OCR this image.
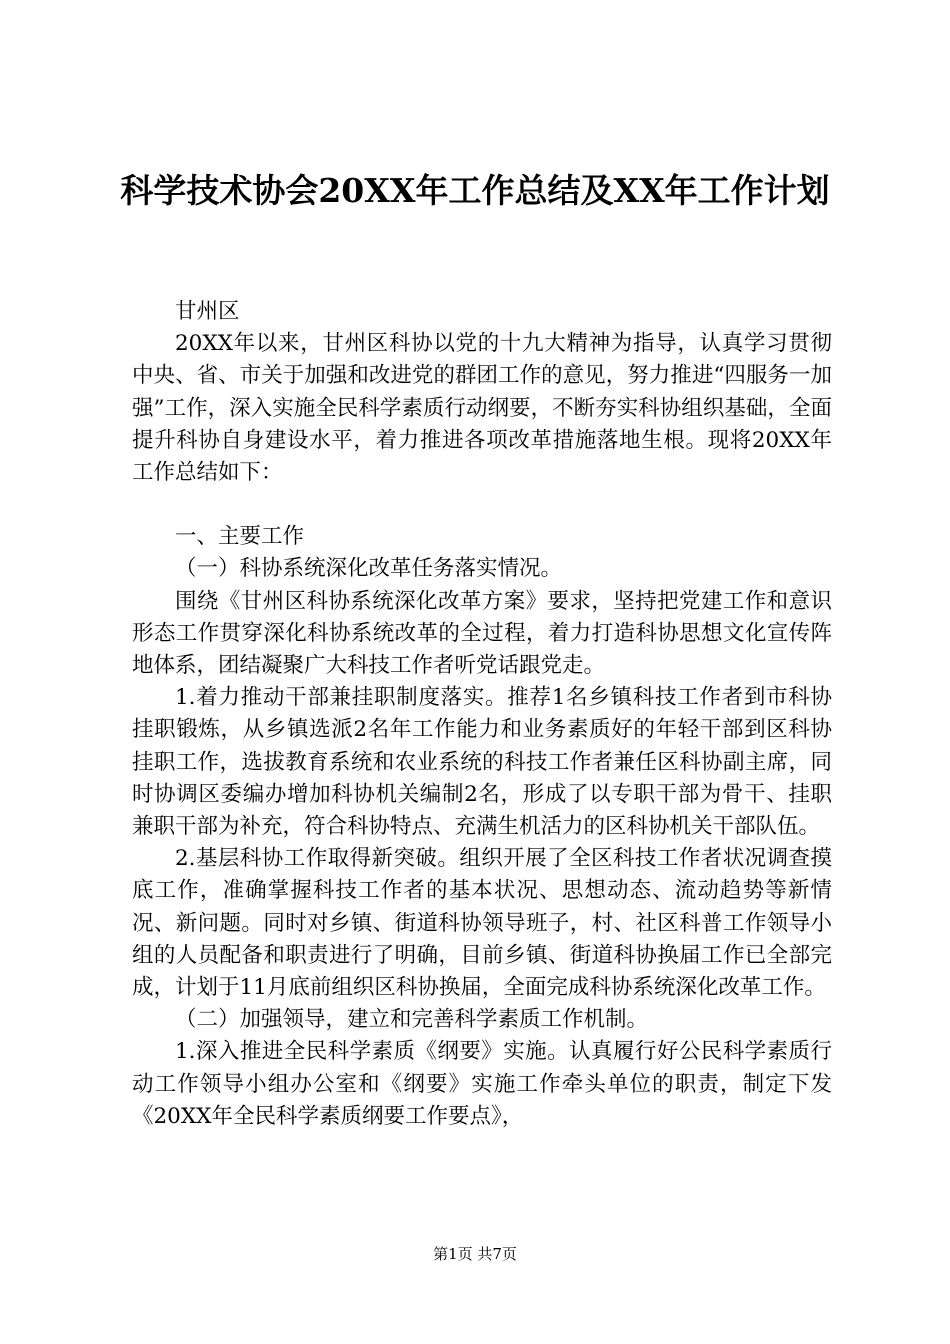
科学技术协会20XX年工作总结及XX年工作计划

甘州区

20XX年以来，甘州区科协以党的十九大精神为指导，认真学习贯彻中央、省、市关于加强和改进党的群团工作的意见，努力推进“四服务一加强”工作，深入实施全民科学素质行动纲要，不断夯实科协组织基础，全面提升科协自身建设水平，着力推进各项改革措施落地生根。现将20XX年工作总结如下：

一、主要工作

（一）科协系统深化改革任务落实情况。

围绕《甘州区科协系统深化改革方案》要求，坚持把党建工作和意识形态工作贯穿深化科协系统改革的全过程，着力打造科协思想文化宣传阵地体系，团结凝聚广大科技工作者听党话跟党走。

1.着力推动干部兼挂职制度落实。推荐1名乡镇科技工作者到市科协挂职锻炼，从乡镇选派2名年工作能力和业务素质好的年轻干部到区科协挂职工作，选拔教育系统和农业系统的科技工作者兼任区科协副主席，同时协调区委编办增加科协机关编制2名，形成了以专职干部为骨干、挂职兼职干部为补充，符合科协特点、充满生机活力的区科协机关干部队伍。

2.基层科协工作取得新突破。组织开展了全区科技工作者状况调查摸底工作，准确掌握科技工作者的基本状况、思想动态、流动趋势等新情况、新问题。同时对乡镇、街道科协领导班子，村、社区科普工作领导小组的人员配备和职责进行了明确，目前乡镇、街道科协换届工作已全部完成，计划于11月底前组织区科协换届，全面完成科协系统深化改革工作。

（二）加强领导，建立和完善科学素质工作机制。

1.深入推进全民科学素质《纲要》实施。认真履行好公民科学素质行动工作领导小组办公室和《纲要》实施工作牵头单位的职责，制定下发《20XX年全民科学素质纲要工作要点》，

第1页 共7页
